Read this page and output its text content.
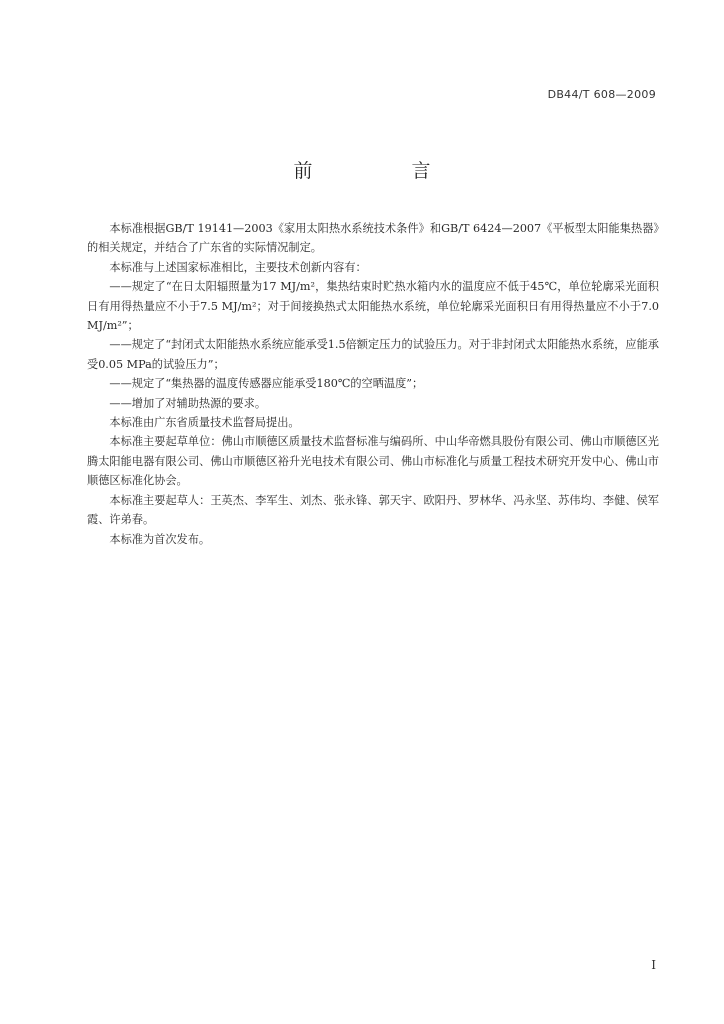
DB44/T 608—2009
前　言

本标准根据GB/T 19141—2003《家用太阳热水系统技术条件》和GB/T 6424—2007《平板型太阳能集热器》的相关规定，并结合了广东省的实际情况制定。

本标准与上述国家标准相比，主要技术创新内容有：

——规定了“在日太阳辐照量为17 MJ/m²，集热结束时贮热水箱内水的温度应不低于45℃，单位轮廓采光面积日有用得热量应不小于7.5 MJ/m²；对于间接换热式太阳能热水系统，单位轮廓采光面积日有用得热量应不小于7.0 MJ/m²”；

——规定了“封闭式太阳能热水系统应能承受1.5倍额定压力的试验压力。对于非封闭式太阳能热水系统，应能承受0.05 MPa的试验压力”；

——规定了“集热器的温度传感器应能承受180℃的空晒温度”；

——增加了对辅助热源的要求。

本标准由广东省质量技术监督局提出。

本标准主要起草单位：佛山市顺德区质量技术监督标准与编码所、中山华帝燃具股份有限公司、佛山市顺德区光腾太阳能电器有限公司、佛山市顺德区裕升光电技术有限公司、佛山市标准化与质量工程技术研究开发中心、佛山市顺德区标准化协会。

本标准主要起草人：王英杰、李军生、刘杰、张永锋、郭天宇、欧阳丹、罗林华、冯永坚、苏伟均、李健、侯军霞、许弟春。

本标准为首次发布。

I
